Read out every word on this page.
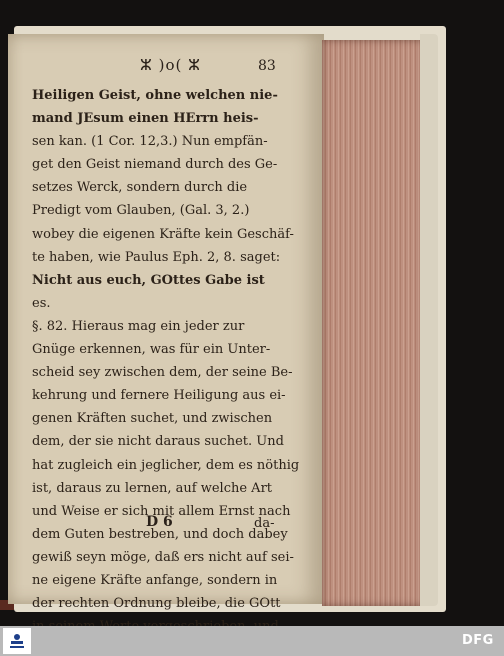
ⵣ )o( ⵣ	83
Heiligen Geist, ohne welchen nie-
mand JEsum einen HErrn heis-
sen kan. (1 Cor. 12,3.) Nun empfän-
get den Geist niemand durch des Ge-
setzes Werck, sondern durch die
Predigt vom Glauben, (Gal. 3, 2.)
wobey die eigenen Kräfte kein Geschäf-
te haben, wie Paulus Eph. 2, 8. saget:
Nicht aus euch, GOttes Gabe ist
es.
§. 82. Hieraus mag ein jeder zur
Gnüge erkennen, was für ein Unter-
scheid sey zwischen dem, der seine Be-
kehrung und fernere Heiligung aus ei-
genen Kräften suchet, und zwischen
dem, der sie nicht daraus suchet. Und
hat zugleich ein jeglicher, dem es nöthig
ist, daraus zu lernen, auf welche Art
und Weise er sich mit allem Ernst nach
dem Guten bestreben, und doch dabey
gewiß seyn möge, daß ers nicht auf sei-
ne eigene Kräfte anfange, sondern in
der rechten Ordnung bleibe, die GOtt
D 6	da-
DFG
